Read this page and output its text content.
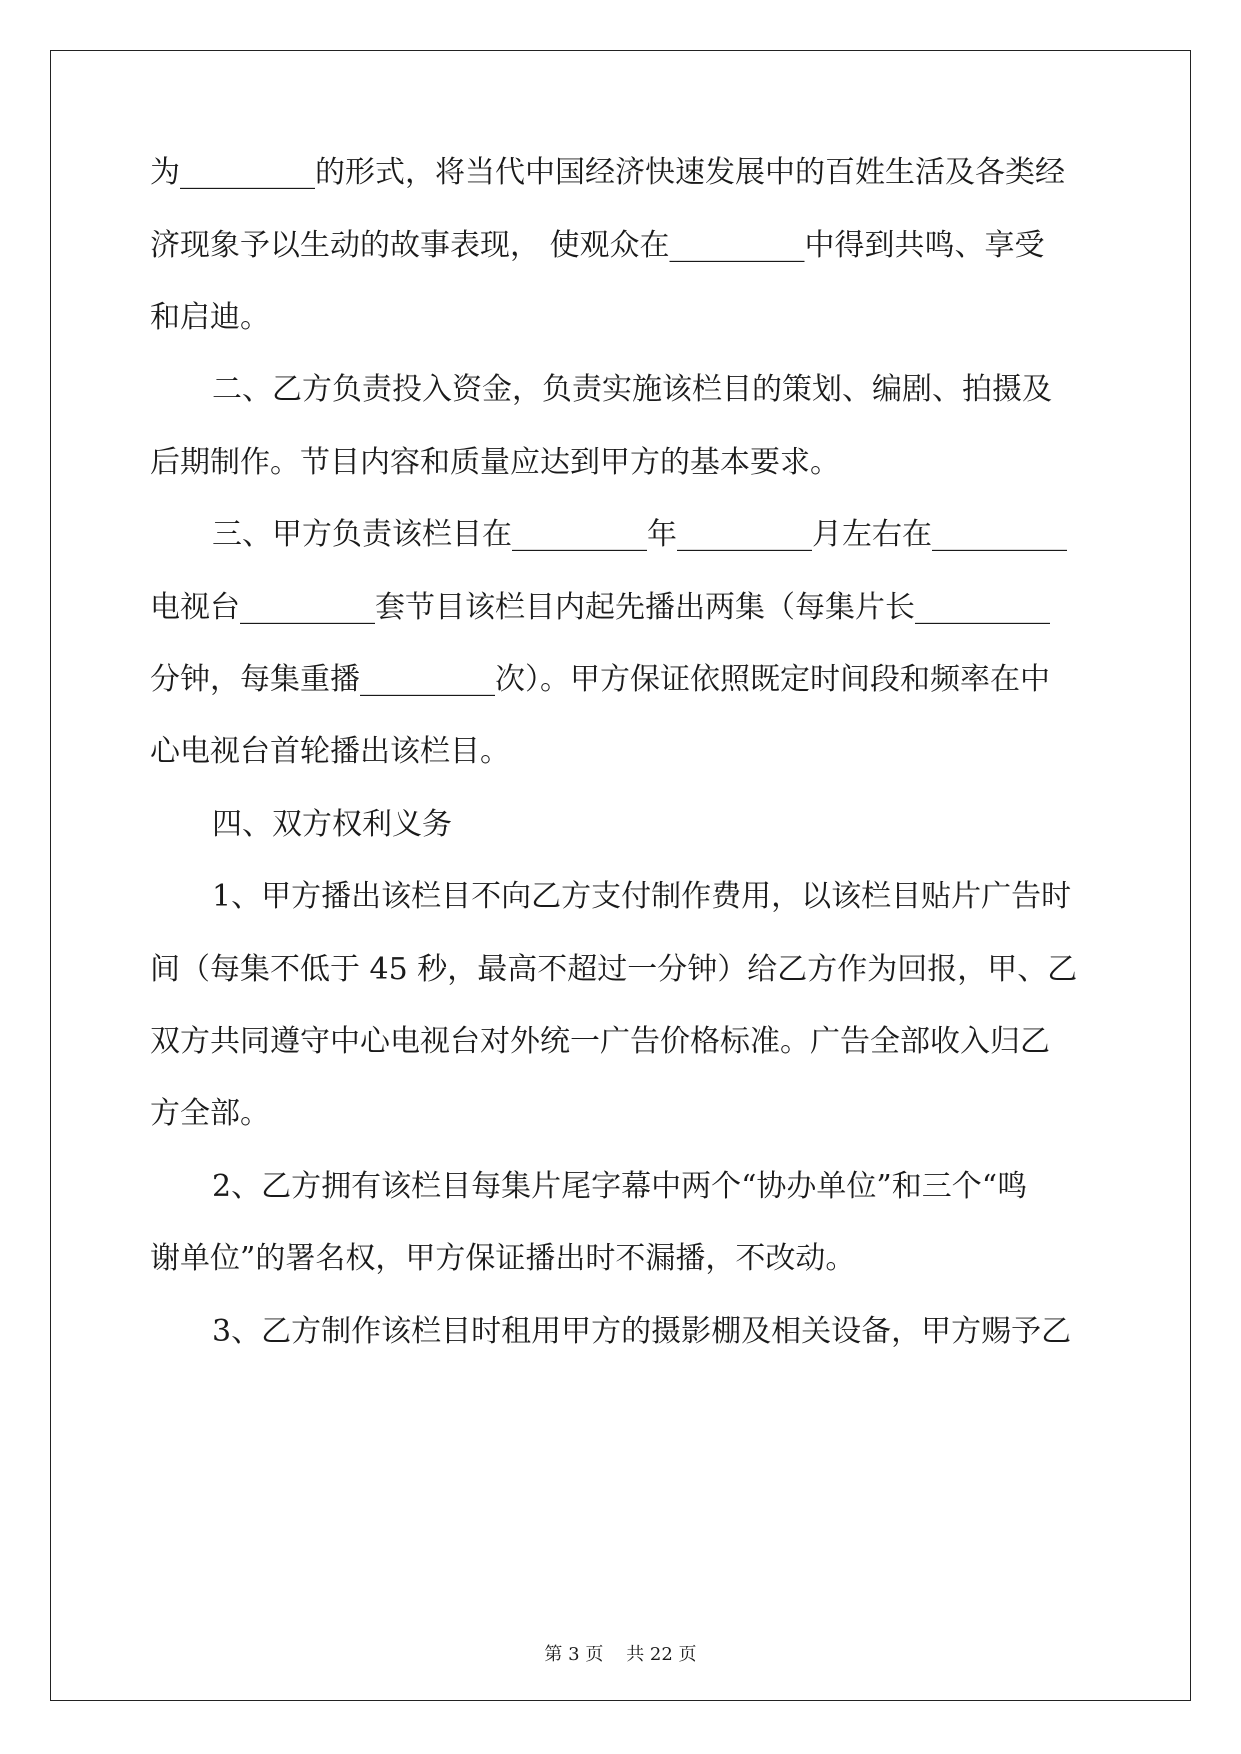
为_________的形式，将当代中国经济快速发展中的百姓生活及各类经
济现象予以生动的故事表现， 使观众在_________中得到共鸣、享受
和启迪。
二、乙方负责投入资金，负责实施该栏目的策划、编剧、拍摄及
后期制作。节目内容和质量应达到甲方的基本要求。
三、甲方负责该栏目在_________年_________月左右在_________
电视台_________套节目该栏目内起先播出两集（每集片长_________
分钟，每集重播_________次）。甲方保证依照既定时间段和频率在中
心电视台首轮播出该栏目。
四、双方权利义务
1、甲方播出该栏目不向乙方支付制作费用，以该栏目贴片广告时
间（每集不低于 45 秒，最高不超过一分钟）给乙方作为回报，甲、乙
双方共同遵守中心电视台对外统一广告价格标准。广告全部收入归乙
方全部。
2、乙方拥有该栏目每集片尾字幕中两个“协办单位”和三个“鸣
谢单位”的署名权，甲方保证播出时不漏播，不改动。
3、乙方制作该栏目时租用甲方的摄影棚及相关设备，甲方赐予乙
第 3 页    共 22 页
